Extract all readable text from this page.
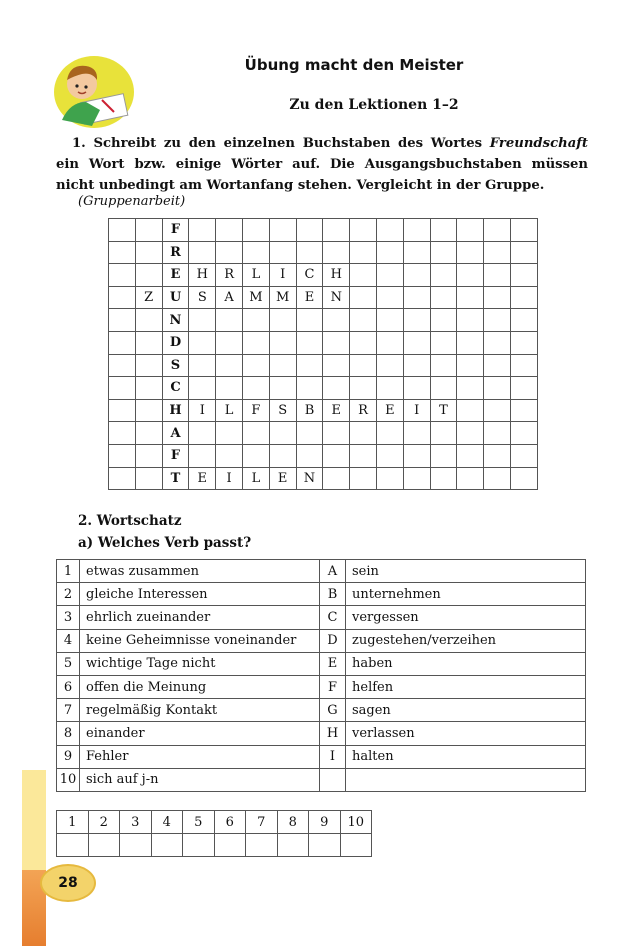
Übung macht den Meister
Zu den Lektionen 1–2

1. Schreibt zu den einzelnen Buchstaben des Wortes Freundschaft ein Wort bzw. einige Wörter auf. Die Ausgangsbuchstaben müssen nicht unbedingt am Wortanfang stehen. Vergleicht in der Gruppe.

(Gruppenarbeit)
		F													
		R													
		E	H	R	L	I	C	H							
	Z	U	S	A	M	M	E	N							
		N													
		D													
		S													
		C													
		H	I	L	F	S	B	E	R	E	I	T			
		A													
		F													
		T	E	I	L	E	N								
2. Wortschatz
a) Welches Verb passt?
1	etwas zusammen	A	sein
2	gleiche Interessen	B	unternehmen
3	ehrlich zueinander	C	vergessen
4	keine Geheimnisse voneinander	D	zugestehen/verzeihen
5	wichtige Tage nicht	E	haben
6	offen die Meinung	F	helfen
7	regelmäßig Kontakt	G	sagen
8	einander	H	verlassen
9	Fehler	I	halten
10	sich auf j-n		
1	2	3	4	5	6	7	8	9	10

28
